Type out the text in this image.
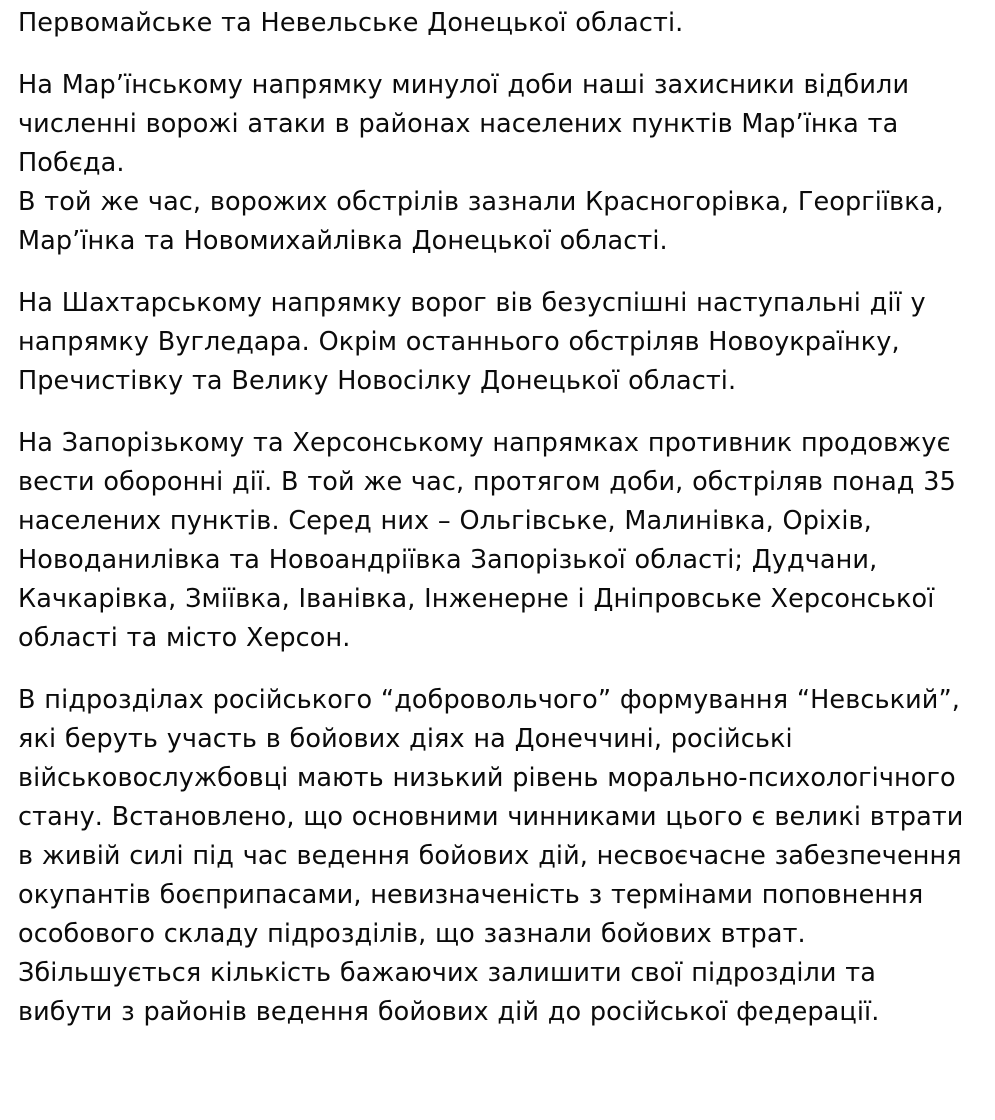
Первомайське та Невельське Донецької області.

На Мар’їнському напрямку минулої доби наші захисники відбили численні ворожі атаки в районах населених пунктів Мар’їнка та Побєда.

В той же час, ворожих обстрілів зазнали Красногорівка, Георгіївка, Мар’їнка та Новомихайлівка Донецької області.

На Шахтарському напрямку ворог вів безуспішні наступальні дії у напрямку Вугледара. Окрім останнього обстріляв Новоукраїнку, Пречистівку та Велику Новосілку Донецької області.

На Запорізькому та Херсонському напрямках противник продовжує вести оборонні дії. В той же час, протягом доби, обстріляв понад 35 населених пунктів. Серед них – Ольгівське, Малинівка, Оріхів, Новоданилівка та Новоандріївка Запорізької області; Дудчани, Качкарівка, Зміївка, Іванівка, Інженерне і Дніпровське Херсонської області та місто Херсон.

В підрозділах російського “добровольчого” формування “Невський”,

які беруть участь в бойових діях на Донеччині, російські військовослужбовці мають низький рівень морально-психологічного стану. Встановлено, що основними чинниками цього є великі втрати в живій силі під час ведення бойових дій, несвоєчасне забезпечення окупантів боєприпасами, невизначеність з термінами поповнення особового складу підрозділів, що зазнали бойових втрат. Збільшується кількість бажаючих залишити свої підрозділи та вибути з районів ведення бойових дій до російської федерації.
